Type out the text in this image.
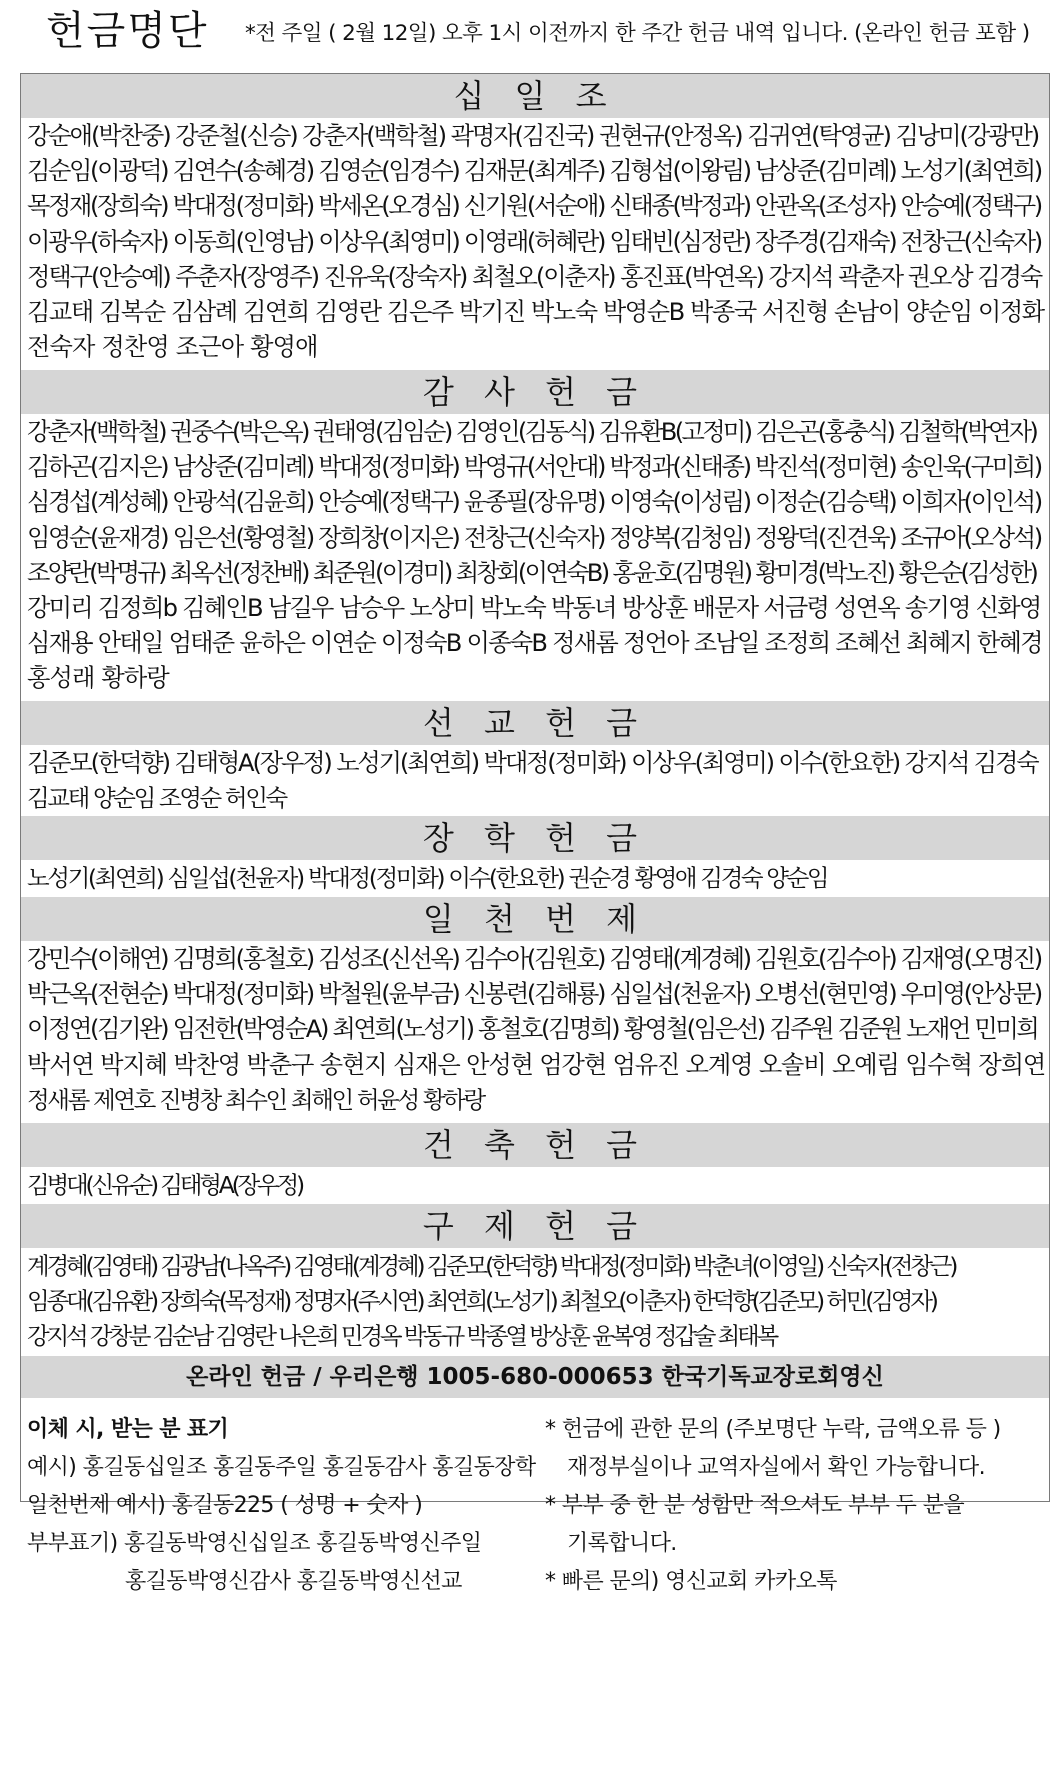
헌금명단 *전 주일 ( 2월 12일) 오후 1시 이전까지 한 주간 헌금 내역 입니다. (온라인 헌금 포함 )
십 일 조
강순애(박찬중) 강준철(신승) 강춘자(백학철) 곽명자(김진국) 권현규(안정옥) 김귀연(탁영균) 김낭미(강광만)
김순임(이광덕) 김연수(송혜경) 김영순(임경수) 김재문(최계주) 김형섭(이왕림) 남상준(김미례) 노성기(최연희)
목정재(장희숙) 박대정(정미화) 박세온(오경심) 신기원(서순애) 신태종(박정과) 안관옥(조성자) 안승예(정택구)
이광우(하숙자) 이동희(인영남) 이상우(최영미) 이영래(허혜란) 임태빈(심정란) 장주경(김재숙) 전창근(신숙자)
정택구(안승예) 주춘자(장영주) 진유욱(장숙자) 최철오(이춘자) 홍진표(박연옥) 강지석 곽춘자 권오상 김경숙
김교태 김복순 김삼례 김연희 김영란 김은주 박기진 박노숙 박영순B 박종국 서진형 손남이 양순임 이정화
전숙자 정찬영 조근아 황영애
감 사 헌 금
강춘자(백학철) 권중수(박은옥) 권태영(김임순) 김영인(김동식) 김유환B(고정미) 김은곤(홍충식) 김철학(박연자)
김하곤(김지은) 남상준(김미례) 박대정(정미화) 박영규(서안대) 박정과(신태종) 박진석(정미현) 송인욱(구미희)
심경섭(계성혜) 안광석(김윤희) 안승예(정택구) 윤종필(장유명) 이영숙(이성림) 이정순(김승택) 이희자(이인석)
임영순(윤재경) 임은선(황영철) 장희창(이지은) 전창근(신숙자) 정양복(김청임) 정왕덕(진견욱) 조규아(오상석)
조양란(박명규) 최옥선(정찬배) 최준원(이경미) 최창회(이연숙B) 홍윤호(김명원) 황미경(박노진) 황은순(김성한)
강미리 김정희b 김혜인B 남길우 남승우 노상미 박노숙 박동녀 방상훈 배문자 서금령 성연옥 송기영 신화영
심재용 안태일 엄태준 윤하은 이연순 이정숙B 이종숙B 정새롬 정언아 조남일 조정희 조혜선 최혜지 한혜경
홍성래 황하랑
선 교 헌 금
김준모(한덕향) 김태형A(장우정) 노성기(최연희) 박대정(정미화) 이상우(최영미) 이수(한요한) 강지석 김경숙
김교태 양순임 조영순 허인숙
장 학 헌 금
노성기(최연희) 심일섭(천윤자) 박대정(정미화) 이수(한요한) 권순경 황영애 김경숙 양순임
일 천 번 제
강민수(이해연) 김명희(홍철호) 김성조(신선옥) 김수아(김원호) 김영태(계경혜) 김원호(김수아) 김재영(오명진)
박근옥(전현순) 박대정(정미화) 박철원(윤부금) 신봉련(김해룡) 심일섭(천윤자) 오병선(현민영) 우미영(안상문)
이정연(김기완) 임전한(박영순A) 최연희(노성기) 홍철호(김명희) 황영철(임은선) 김주원 김준원 노재언 민미희
박서연 박지혜 박찬영 박춘구 송현지 심재은 안성현 엄강현 엄유진 오계영 오솔비 오예림 임수혁 장희연
정새롬 제연호 진병창 최수인 최해인 허윤성 황하랑
건 축 헌 금
김병대(신유순) 김태형A(장우정)
구 제 헌 금
계경혜(김영태) 김광남(나옥주) 김영태(계경혜) 김준모(한덕향) 박대정(정미화) 박춘녀(이영일) 신숙자(전창근)
임종대(김유환) 장희숙(목정재) 정명자(주시연) 최연희(노성기) 최철오(이춘자) 한덕향(김준모) 허민(김영자)
강지석 강창분 김순남 김영란 나은희 민경옥 박동규 박종열 방상훈 윤복영 정갑술 최태복
온라인 헌금 / 우리은행 1005-680-000653 한국기독교장로회영신
이체 시, 받는 분 표기
예시) 홍길동십일조 홍길동주일 홍길동감사 홍길동장학
일천번제 예시) 홍길동225 ( 성명 + 숫자 )
부부표기) 홍길동박영신십일조 홍길동박영신주일
홍길동박영신감사 홍길동박영신선교
* 헌금에 관한 문의 (주보명단 누락, 금액오류 등 )
재정부실이나 교역자실에서 확인 가능합니다.
* 부부 중 한 분 성함만 적으셔도 부부 두 분을
기록합니다.
* 빠른 문의) 영신교회 카카오톡
